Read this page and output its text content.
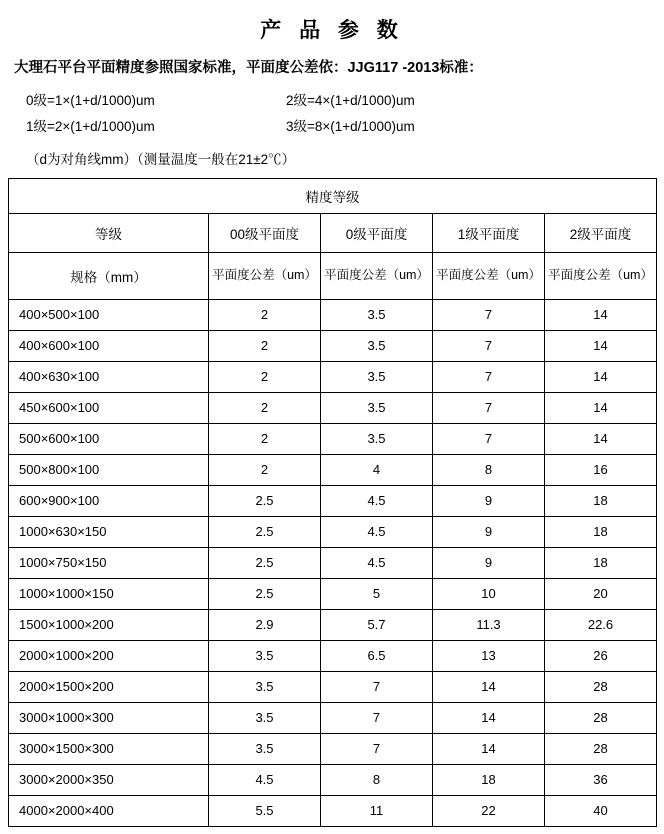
产 品 参 数
大理石平台平面精度参照国家标准，平面度公差依：JJG117 -2013标准：
0级=1×(1+d/1000)um	2级=4×(1+d/1000)um
1级=2×(1+d/1000)um	3级=8×(1+d/1000)um
（d为对角线mm）（测量温度一般在21±2℃）
精度等级				
等级	00级平面度	0级平面度	1级平面度	2级平面度
规格（mm）	平面度公差（um）	平面度公差（um）	平面度公差（um）	平面度公差（um）
400×500×100	2	3.5	7	14
400×600×100	2	3.5	7	14
400×630×100	2	3.5	7	14
450×600×100	2	3.5	7	14
500×600×100	2	3.5	7	14
500×800×100	2	4	8	16
600×900×100	2.5	4.5	9	18
1000×630×150	2.5	4.5	9	18
1000×750×150	2.5	4.5	9	18
1000×1000×150	2.5	5	10	20
1500×1000×200	2.9	5.7	11.3	22.6
2000×1000×200	3.5	6.5	13	26
2000×1500×200	3.5	7	14	28
3000×1000×300	3.5	7	14	28
3000×1500×300	3.5	7	14	28
3000×2000×350	4.5	8	18	36
4000×2000×400	5.5	11	22	40
